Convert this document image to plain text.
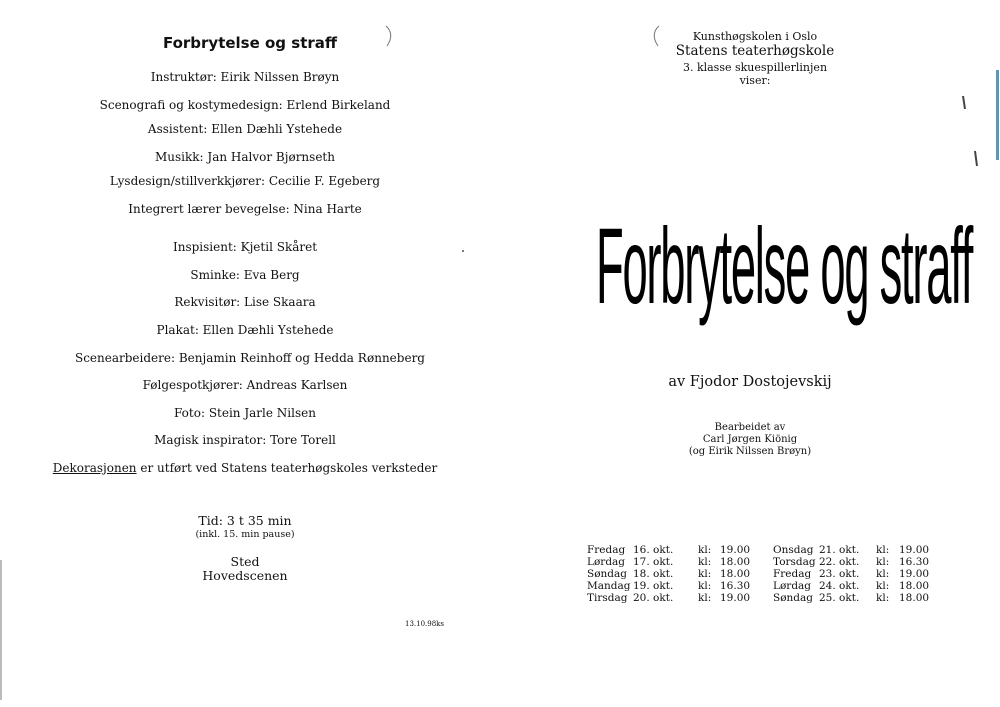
Forbrytelse og straff
Instruktør: Eirik Nilssen Brøyn
Scenografi og kostymedesign: Erlend Birkeland
Assistent: Ellen Dæhli Ystehede
Musikk: Jan Halvor Bjørnseth
Lysdesign/stillverkkjører: Cecilie F. Egeberg
Integrert lærer bevegelse: Nina Harte
Inspisient: Kjetil Skåret
Sminke: Eva Berg
Rekvisitør: Lise Skaara
Plakat: Ellen Dæhli Ystehede
Scenearbeidere: Benjamin Reinhoff og Hedda Rønneberg
Følgespotkjører: Andreas Karlsen
Foto: Stein Jarle Nilsen
Magisk inspirator: Tore Torell
Dekorasjonen er utført ved Statens teaterhøgskoles verksteder
Tid: 3 t 35 min
(inkl. 15. min pause)
Sted
Hovedscenen
13.10.98ks
Kunsthøgskolen i Oslo
Statens teaterhøgskole
3. klasse skuespillerlinjen
viser:
Forbrytelse og straff
av Fjodor Dostojevskij
Bearbeidet av
Carl Jørgen Kiönig
(og Eirik Nilssen Brøyn)
Fredag 16. okt. kl: 19.00
Lørdag 17. okt. kl: 18.00
Søndag 18. okt. kl: 18.00
Mandag 19. okt. kl: 16.30
Tirsdag 20. okt. kl: 19.00
Onsdag 21. okt. kl: 19.00
Torsdag 22. okt. kl: 16.30
Fredag 23. okt. kl: 19.00
Lørdag 24. okt. kl: 18.00
Søndag 25. okt. kl: 18.00
